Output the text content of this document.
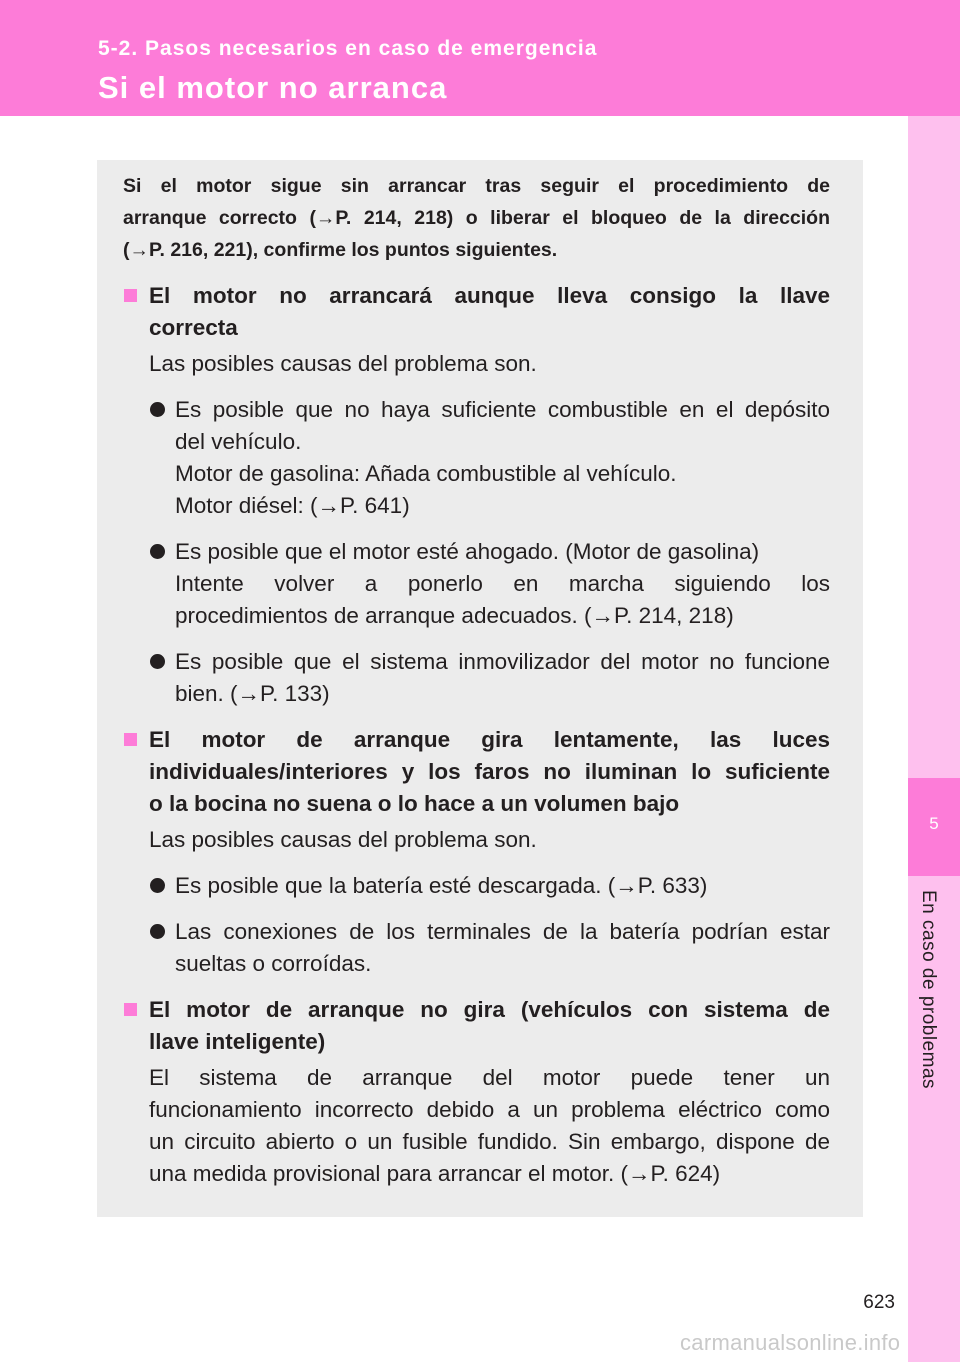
5-2. Pasos necesarios en caso de emergencia
Si el motor no arranca
5
En caso de problemas
Si el motor sigue sin arrancar tras seguir el procedimiento de
arranque correcto (→P. 214, 218) o liberar el bloqueo de la dirección
(→P. 216, 221), confirme los puntos siguientes.
El motor no arrancará aunque lleva consigo la llave
correcta
Las posibles causas del problema son.
Es posible que no haya suficiente combustible en el depósito
del vehículo.
Motor de gasolina: Añada combustible al vehículo.
Motor diésel: (→P. 641)
Es posible que el motor esté ahogado. (Motor de gasolina)
Intente volver a ponerlo en marcha siguiendo los
procedimientos de arranque adecuados. (→P. 214, 218)
Es posible que el sistema inmovilizador del motor no funcione
bien. (→P. 133)
El motor de arranque gira lentamente, las luces
individuales/interiores y los faros no iluminan lo suficiente
o la bocina no suena o lo hace a un volumen bajo
Las posibles causas del problema son.
Es posible que la batería esté descargada. (→P. 633)
Las conexiones de los terminales de la batería podrían estar
sueltas o corroídas.
El motor de arranque no gira (vehículos con sistema de
llave inteligente)
El sistema de arranque del motor puede tener un
funcionamiento incorrecto debido a un problema eléctrico como
un circuito abierto o un fusible fundido. Sin embargo, dispone de
una medida provisional para arrancar el motor. (→P. 624)
623
carmanualsonline.info
